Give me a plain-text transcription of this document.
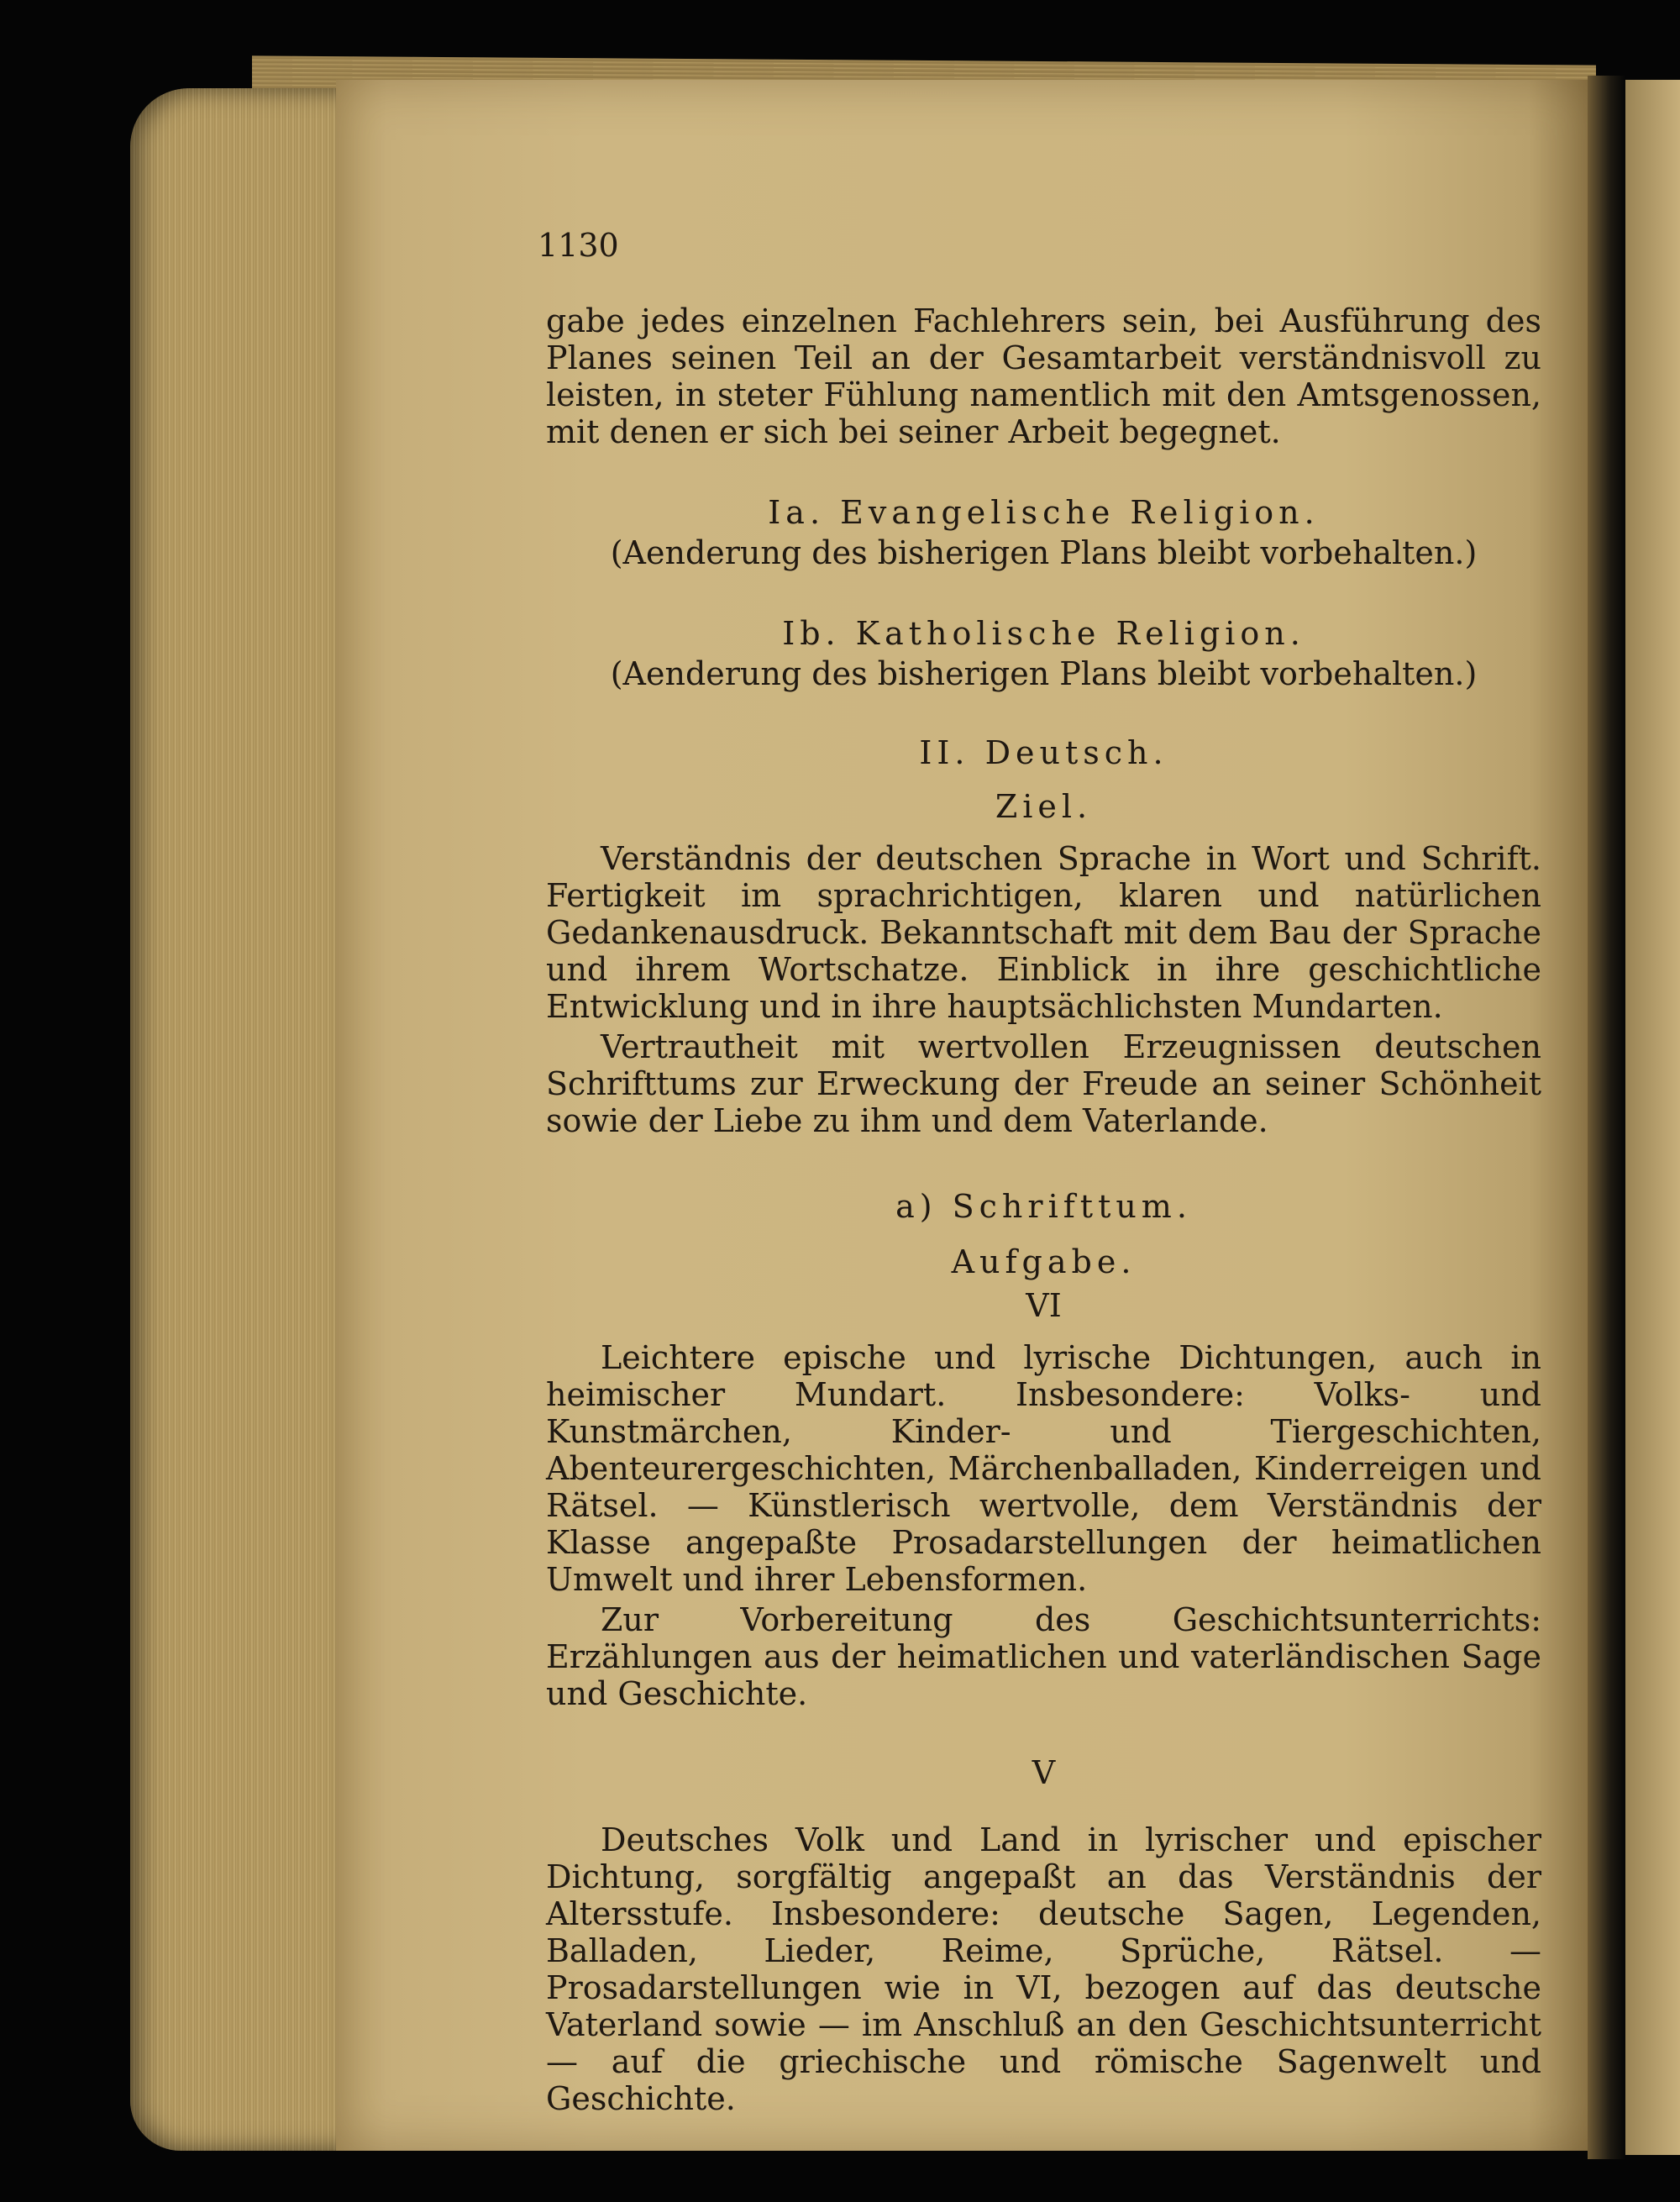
1130

gabe jedes einzelnen Fachlehrers sein, bei Ausführung des Planes seinen Teil an der Gesamtarbeit verständnisvoll zu leisten, in steter Fühlung namentlich mit den Amtsgenossen, mit denen er sich bei seiner Arbeit begegnet.

Ia. Evangelische Religion.
(Aenderung des bisherigen Plans bleibt vorbehalten.)
Ib. Katholische Religion.
(Aenderung des bisherigen Plans bleibt vorbehalten.)
II. Deutsch.
Ziel.

Verständnis der deutschen Sprache in Wort und Schrift. Fertigkeit im sprachrichtigen, klaren und natürlichen Gedankenausdruck. Bekanntschaft mit dem Bau der Sprache und ihrem Wortschatze. Einblick in ihre geschichtliche Entwicklung und in ihre hauptsächlichsten Mundarten.

Vertrautheit mit wertvollen Erzeugnissen deutschen Schrifttums zur Erweckung der Freude an seiner Schönheit sowie der Liebe zu ihm und dem Vaterlande.

a) Schrifttum.
Aufgabe.
VI

Leichtere epische und lyrische Dichtungen, auch in heimischer Mundart. Insbesondere: Volks- und Kunstmärchen, Kinder- und Tiergeschichten, Abenteurergeschichten, Märchenballaden, Kinderreigen und Rätsel. — Künstlerisch wertvolle, dem Verständnis der Klasse angepaßte Prosadarstellungen der heimatlichen Umwelt und ihrer Lebensformen.

Zur Vorbereitung des Geschichtsunterrichts: Erzählungen aus der heimatlichen und vaterländischen Sage und Geschichte.

V

Deutsches Volk und Land in lyrischer und epischer Dichtung, sorgfältig angepaßt an das Verständnis der Altersstufe. Insbesondere: deutsche Sagen, Legenden, Balladen, Lieder, Reime, Sprüche, Rätsel. — Prosadarstellungen wie in VI, bezogen auf das deutsche Vaterland sowie — im Anschluß an den Geschichtsunterricht — auf die griechische und römische Sagenwelt und Geschichte.
